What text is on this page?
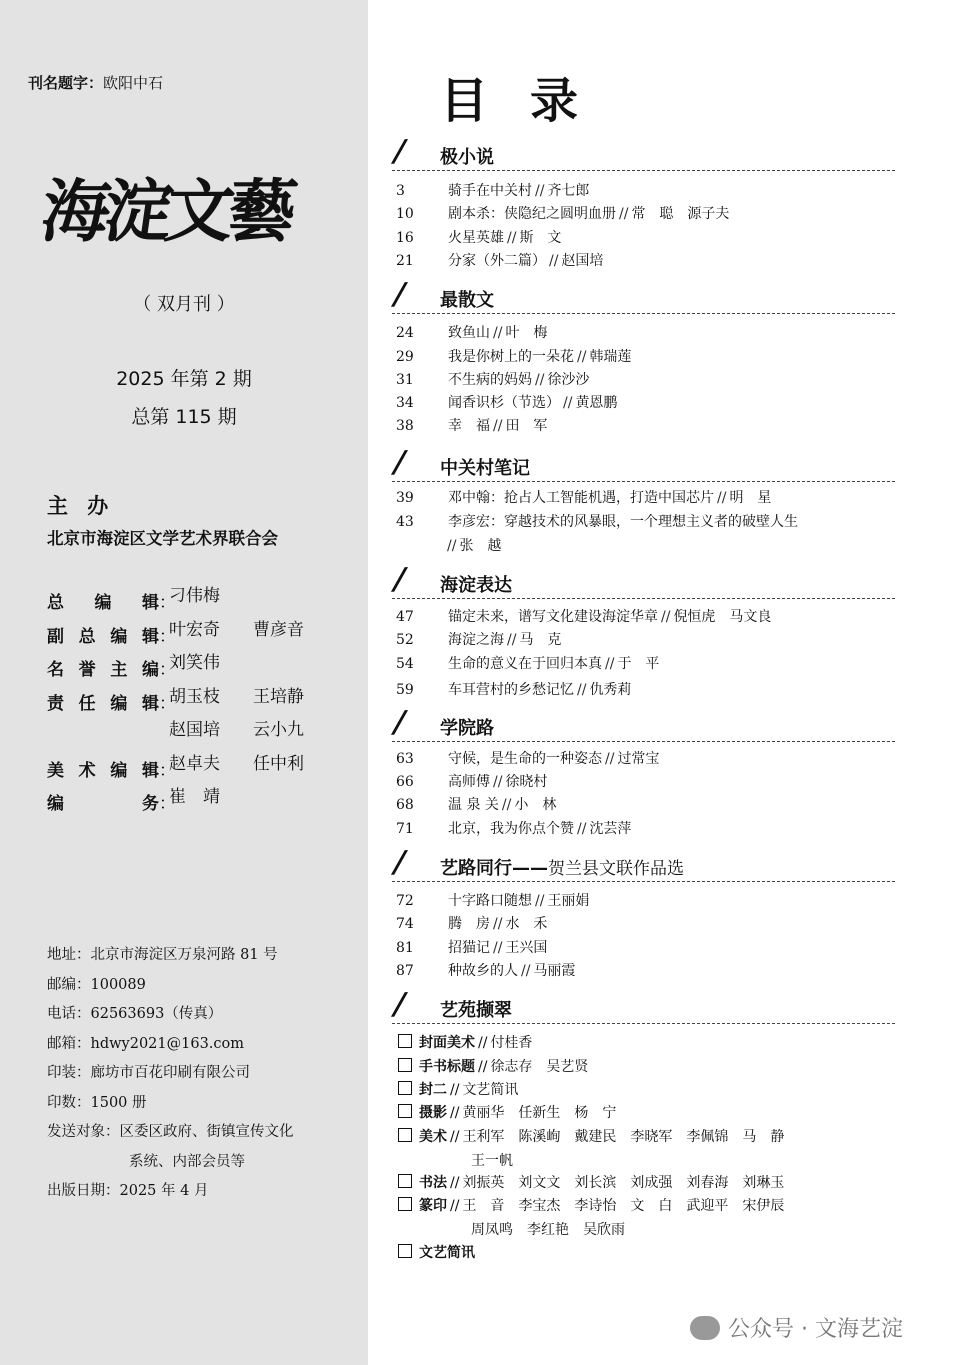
刊名题字：欧阳中石
海淀文藝
（ 双月刊 ）
2025 年第 2 期
总第 115 期
主 办
北京市海淀区文学艺术界联合会
总 编 辑 ：
刁伟梅
副 总 编 辑 ：
叶宏奇 曹彦音
名 誉 主 编 ：
刘笑伟
责 任 编 辑 ：
胡玉枝 王培静
赵国培 云小九
美 术 编 辑 ：
赵卓夫 任中利
编	务 ：
崔　靖
地址：北京市海淀区万泉河路 81 号
邮编：100089
电话：62563693（传真）
邮箱：hdwy2021@163.com
印装：廊坊市百花印刷有限公司
印数：1500 册
发送对象：区委区政府、街镇宣传文化
系统、内部会员等
出版日期：2025 年 4 月
目录
/ 极小说
3	骑手在中关村 // 齐七郎
10 剧本杀：侠隐纪之圆明血册 // 常　聪　源子夫
16 火星英雄 // 斯　文
21 分家（外二篇） // 赵国培
/ 最散文
24 致鱼山 // 叶　梅
29 我是你树上的一朵花 // 韩瑞莲
31 不生病的妈妈 // 徐沙沙
34 闻香识杉（节选） // 黄恩鹏
38 幸　福 // 田　军
/ 中关村笔记
39 邓中翰：抢占人工智能机遇，打造中国芯片 // 明　星
43 李彦宏：穿越技术的风暴眼，一个理想主义者的破壁人生
// 张　越
/ 海淀表达
47 锚定未来，谱写文化建设海淀华章 // 倪恒虎　马文良
52 海淀之海 // 马　克
54 生命的意义在于回归本真 // 于　平
59 车耳营村的乡愁记忆 // 仇秀莉
/ 学院路
63 守候，是生命的一种姿态 // 过常宝
66 高师傅 // 徐晓村
68 温 泉 关 // 小　林
71 北京，我为你点个赞 // 沈芸萍
/ 艺路同行——贺兰县文联作品选
72 十字路口随想 // 王丽娟
74 腾　房 // 水　禾
81 招猫记 // 王兴国
87 种故乡的人 // 马丽霞
/ 艺苑撷翠
封面美术 // 付桂香
手书标题 // 徐志存　吴艺贤
封二 // 文艺简讯
摄影 // 黄丽华　任新生　杨　宁
美术 // 王利军　陈溪峋　戴建民　李晓军　李佩锦　马　静
王一帆
书法 // 刘振英　刘文文　刘长滨　刘成强　刘春海　刘琳玉
篆印 // 王　音　李宝杰　李诗怡　文　白　武迎平　宋伊辰
周凤鸣　李红艳　吴欣雨
文艺简讯
公众号 · 文海艺淀
